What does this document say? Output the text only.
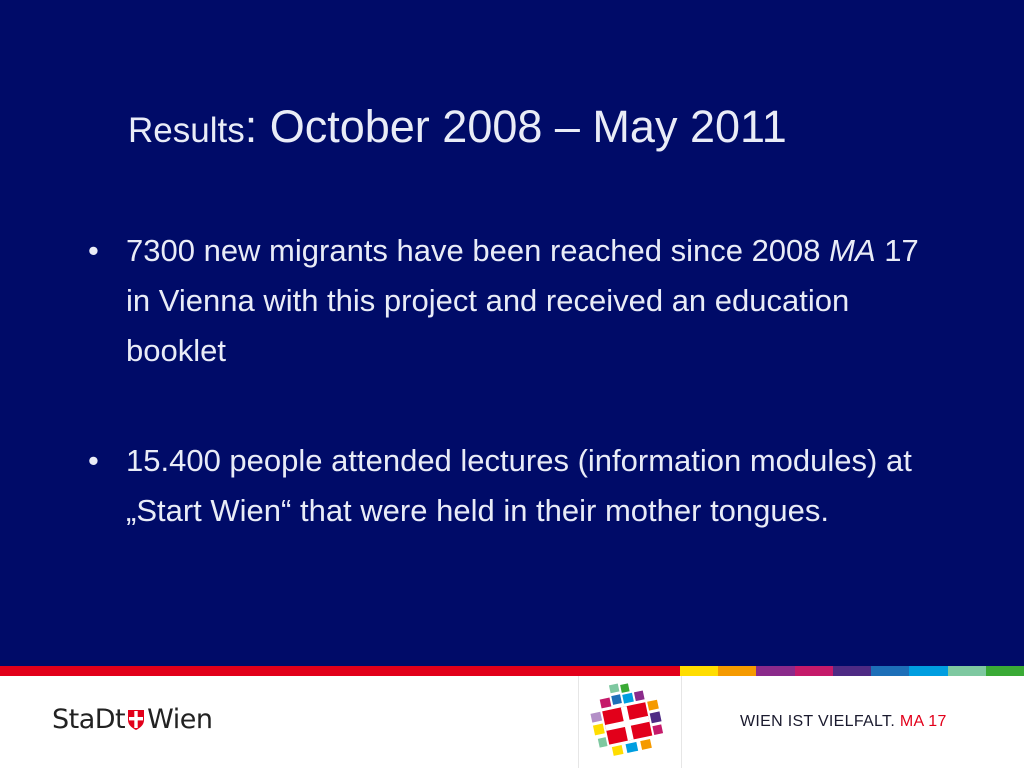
Results: October 2008 – May 2011
• 7300 new migrants have been reached since 2008 MA 17 in Vienna with this project and received an education booklet
• 15.400 people attended lectures (information modules) at „Start Wien“ that were held in their mother tongues.
StaDt Wien	WIEN IST VIELFALT. MA 17
